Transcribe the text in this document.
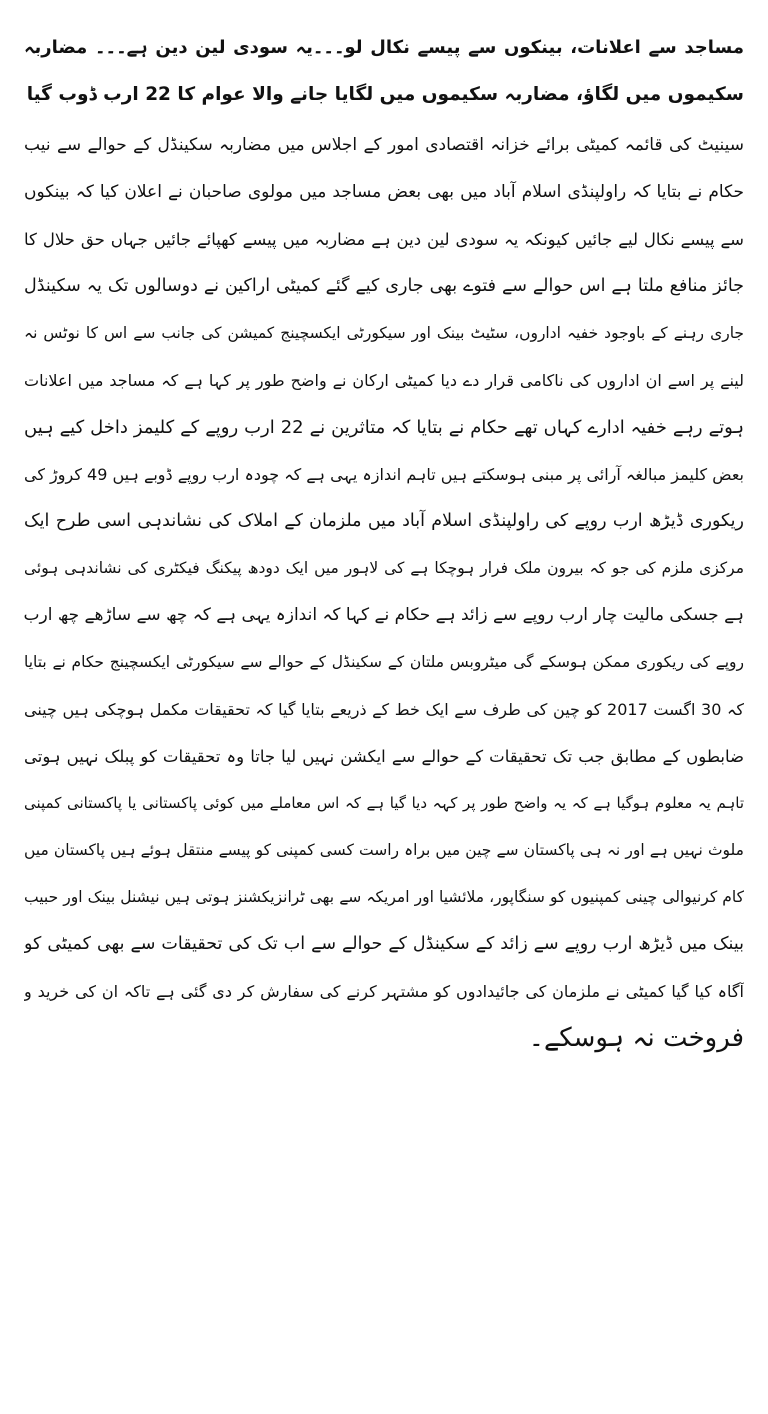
مساجد سے اعلانات، بینکوں سے پیسے نکال لو۔۔۔یہ سودی لین دین ہے۔۔۔ مضاربہ
سکیموں میں لگاؤ، مضاربہ سکیموں میں لگایا جانے والا عوام کا 22 ارب ڈوب گیا
سینیٹ کی قائمہ کمیٹی برائے خزانہ اقتصادی امور کے اجلاس میں مضاربہ سکینڈل کے حوالے سے نیب
حکام نے بتایا کہ راولپنڈی اسلام آباد میں بھی بعض مساجد میں مولوی صاحبان نے اعلان کیا کہ بینکوں
سے پیسے نکال لیے جائیں کیونکہ یہ سودی لین دین ہے مضاربہ میں پیسے کھپائے جائیں جہاں حق حلال کا
جائز منافع ملتا ہے اس حوالے سے فتوے بھی جاری کیے گئے کمیٹی اراکین نے دوسالوں تک یہ سکینڈل
جاری رہنے کے باوجود خفیہ اداروں، سٹیٹ بینک اور سیکورٹی ایکسچینج کمیشن کی جانب سے اس کا نوٹس نہ
لینے پر اسے ان اداروں کی ناکامی قرار دے دیا کمیٹی ارکان نے واضح طور پر کہا ہے کہ مساجد میں اعلانات
ہوتے رہے خفیہ ادارے کہاں تھے حکام نے بتایا کہ متاثرین نے 22 ارب روپے کے کلیمز داخل کیے ہیں
بعض کلیمز مبالغہ آرائی پر مبنی ہوسکتے ہیں تاہم اندازہ یہی ہے کہ چودہ ارب روپے ڈوبے ہیں 49 کروڑ کی
ریکوری ڈیڑھ ارب روپے کی راولپنڈی اسلام آباد میں ملزمان کے املاک کی نشاندہی اسی طرح ایک
مرکزی ملزم کی جو کہ بیرون ملک فرار ہوچکا ہے کی لاہور میں ایک دودھ پیکنگ فیکٹری کی نشاندہی ہوئی
ہے جسکی مالیت چار ارب روپے سے زائد ہے حکام نے کہا کہ اندازہ یہی ہے کہ چھ سے ساڑھے چھ ارب
روپے کی ریکوری ممکن ہوسکے گی میٹروبس ملتان کے سکینڈل کے حوالے سے سیکورٹی ایکسچینج حکام نے بتایا
کہ 30 اگست 2017 کو چین کی طرف سے ایک خط کے ذریعے بتایا گیا کہ تحقیقات مکمل ہوچکی ہیں چینی
ضابطوں کے مطابق جب تک تحقیقات کے حوالے سے ایکشن نہیں لیا جاتا وہ تحقیقات کو پبلک نہیں ہوتی
تاہم یہ معلوم ہوگیا ہے کہ یہ واضح طور پر کہہ دیا گیا ہے کہ اس معاملے میں کوئی پاکستانی یا پاکستانی کمپنی
ملوث نہیں ہے اور نہ ہی پاکستان سے چین میں براہ راست کسی کمپنی کو پیسے منتقل ہوئے ہیں پاکستان میں
کام کرنیوالی چینی کمپنیوں کو سنگاپور، ملائشیا اور امریکہ سے بھی ٹرانزیکشنز ہوتی ہیں نیشنل بینک اور حبیب
بینک میں ڈیڑھ ارب روپے سے زائد کے سکینڈل کے حوالے سے اب تک کی تحقیقات سے بھی کمیٹی کو
آگاہ کیا گیا کمیٹی نے ملزمان کی جائیدادوں کو مشتہر کرنے کی سفارش کر دی گئی ہے تاکہ ان کی خرید و
فروخت نہ ہوسکے۔
